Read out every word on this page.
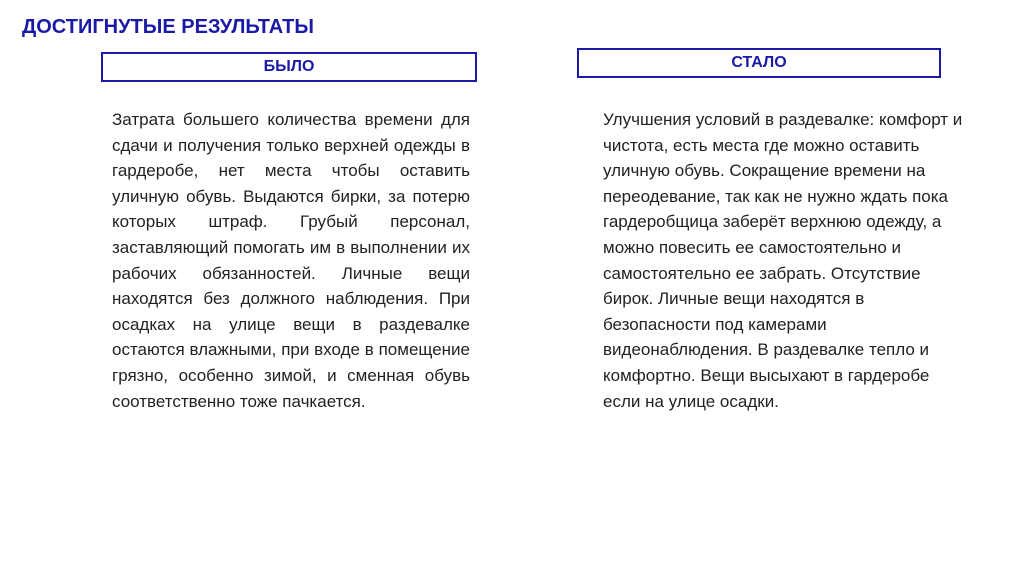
ДОСТИГНУТЫЕ РЕЗУЛЬТАТЫ
БЫЛО	СТАЛО
Затрата большего количества времени для сдачи и получения только верхней одежды в гардеробе, нет места чтобы оставить уличную обувь. Выдаются бирки, за потерю которых штраф. Грубый персонал, заставляющий помогать им в выполнении их рабочих обязанностей. Личные вещи находятся без должного наблюдения. При осадках на улице вещи в раздевалке остаются влажными, при входе в помещение грязно, особенно зимой, и сменная обувь соответственно тоже пачкается.
Улучшения условий в раздевалке: комфорт и чистота, есть места где можно оставить уличную обувь. Сокращение времени на переодевание, так как не нужно ждать пока гардеробщица заберёт верхнюю одежду, а можно повесить ее самостоятельно и самостоятельно ее забрать. Отсутствие бирок. Личные вещи находятся в безопасности под камерами видеонаблюдения. В раздевалке тепло и комфортно. Вещи высыхают в гардеробе если на улице осадки.
